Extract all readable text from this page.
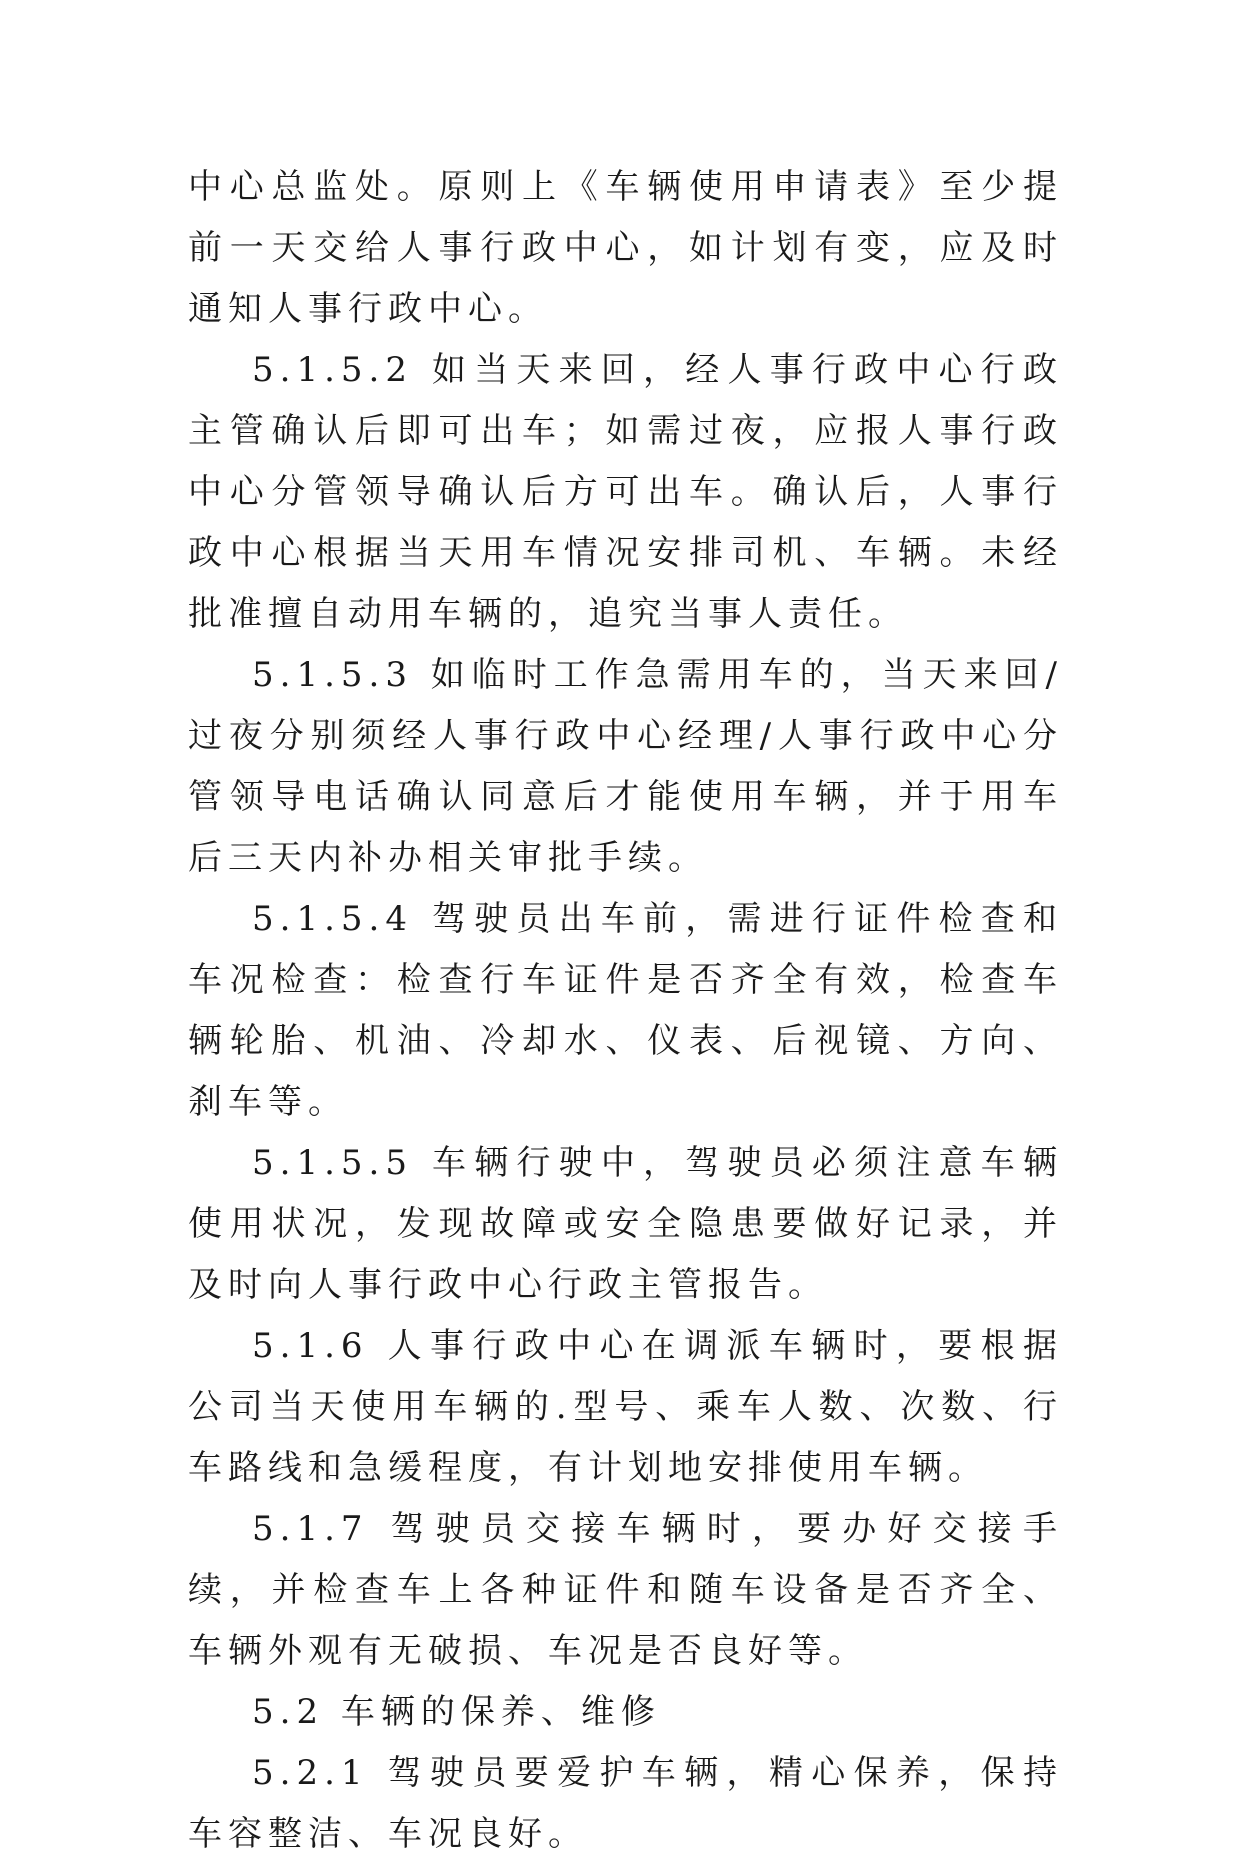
中心总监处。原则上《车辆使用申请表》至少提前一天交给人事行政中心，如计划有变，应及时通知人事行政中心。

5.1.5.2 如当天来回，经人事行政中心行政主管确认后即可出车；如需过夜，应报人事行政中心分管领导确认后方可出车。确认后，人事行政中心根据当天用车情况安排司机、车辆。未经批准擅自动用车辆的，追究当事人责任。

5.1.5.3 如临时工作急需用车的，当天来回/过夜分别须经人事行政中心经理/人事行政中心分管领导电话确认同意后才能使用车辆，并于用车后三天内补办相关审批手续。

5.1.5.4 驾驶员出车前，需进行证件检查和车况检查：检查行车证件是否齐全有效，检查车辆轮胎、机油、冷却水、仪表、后视镜、方向、刹车等。

5.1.5.5 车辆行驶中，驾驶员必须注意车辆使用状况，发现故障或安全隐患要做好记录，并及时向人事行政中心行政主管报告。

5.1.6 人事行政中心在调派车辆时，要根据公司当天使用车辆的.型号、乘车人数、次数、行车路线和急缓程度，有计划地安排使用车辆。

5.1.7 驾驶员交接车辆时，要办好交接手续，并检查车上各种证件和随车设备是否齐全、车辆外观有无破损、车况是否良好等。

5.2 车辆的保养、维修

5.2.1 驾驶员要爱护车辆，精心保养，保持车容整洁、车况良好。
